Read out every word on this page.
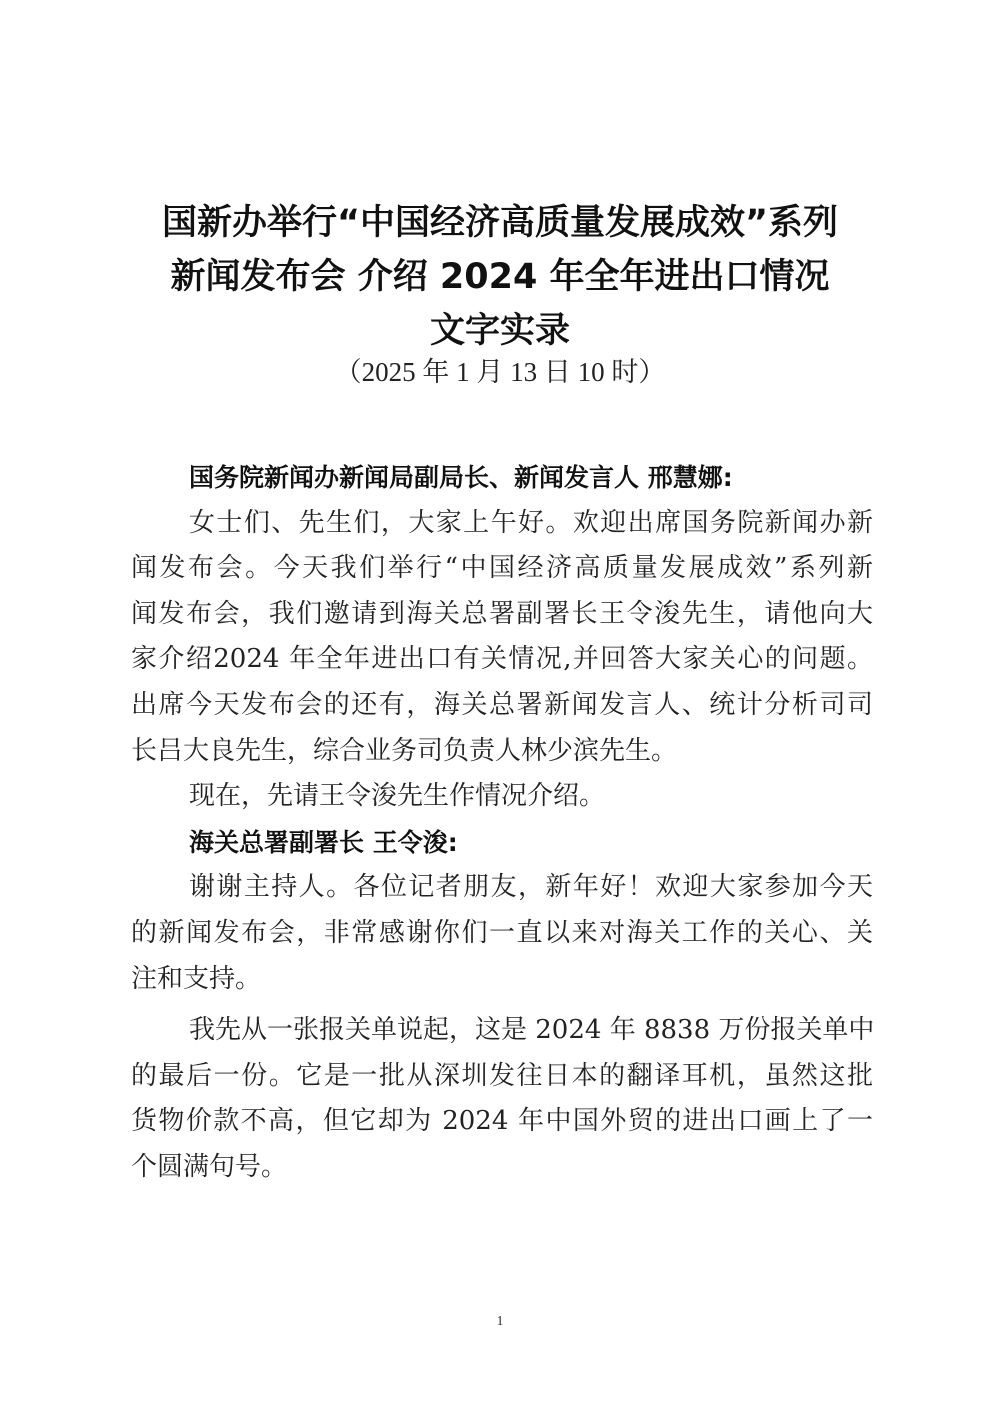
国新办举行“中国经济高质量发展成效”系列
新闻发布会 介绍 2024 年全年进出口情况
文字实录
（2025 年 1 月 13 日 10 时）
国务院新闻办新闻局副局长、新闻发言人 邢慧娜:
女士们、先生们，大家上午好。欢迎出席国务院新闻办新
闻发布会。今天我们举行“中国经济高质量发展成效”系列新
闻发布会，我们邀请到海关总署副署长王令浚先生，请他向大
家介绍2024 年全年进出口有关情况,并回答大家关心的问题。
出席今天发布会的还有，海关总署新闻发言人、统计分析司司
长吕大良先生，综合业务司负责人林少滨先生。
现在，先请王令浚先生作情况介绍。
海关总署副署长 王令浚:
谢谢主持人。各位记者朋友，新年好！欢迎大家参加今天
的新闻发布会，非常感谢你们一直以来对海关工作的关心、关
注和支持。
我先从一张报关单说起，这是 2024 年 8838 万份报关单中
的最后一份。它是一批从深圳发往日本的翻译耳机，虽然这批
货物价款不高，但它却为 2024 年中国外贸的进出口画上了一
个圆满句号。
1
